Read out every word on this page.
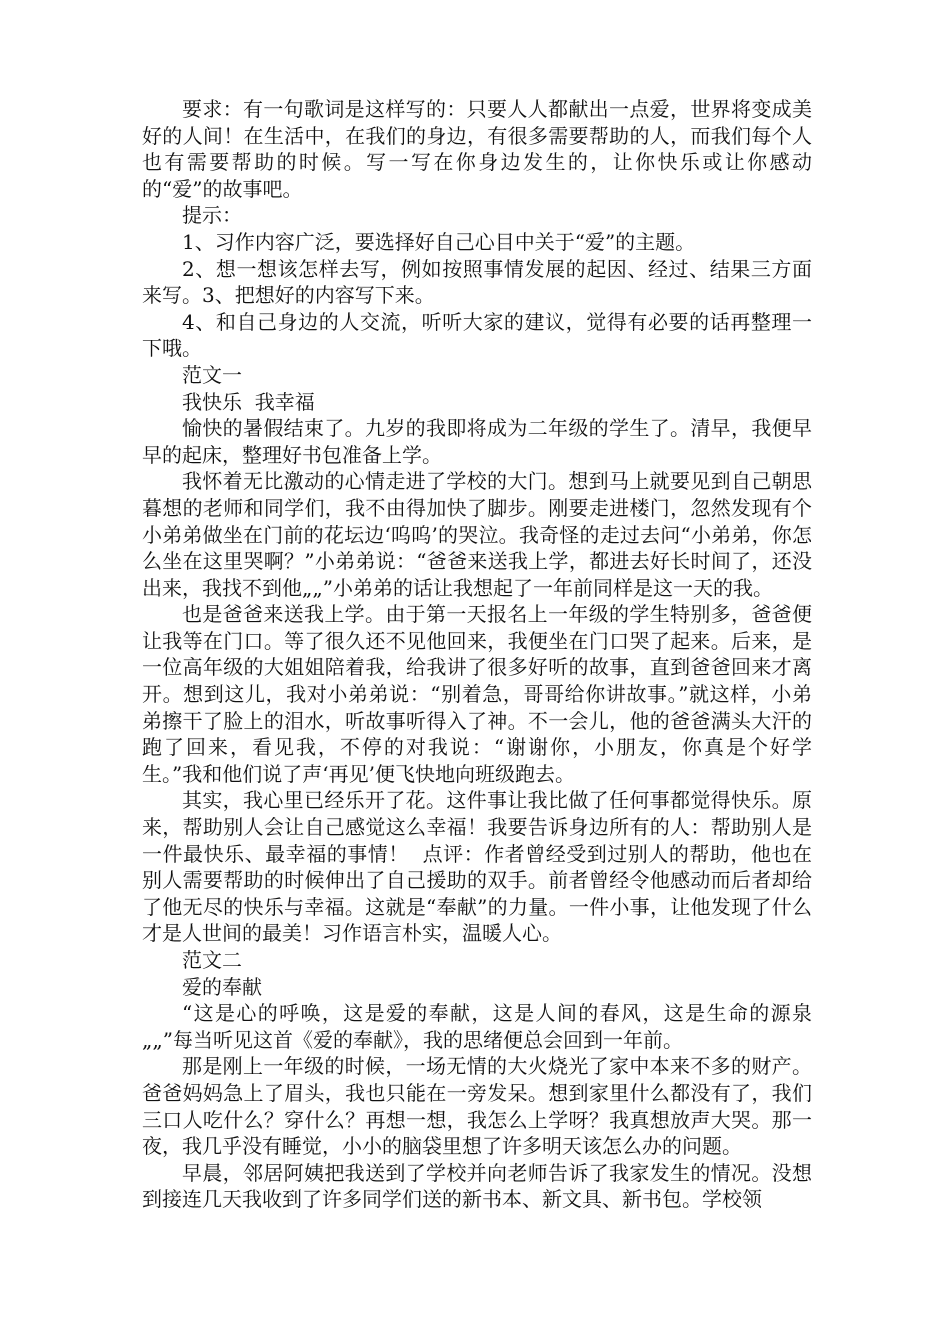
要求：有一句歌词是这样写的：只要人人都献出一点爱，世界将变成美好的人间！在生活中，在我们的身边，有很多需要帮助的人，而我们每个人也有需要帮助的时候。写一写在你身边发生的，让你快乐或让你感动的“爱”的故事吧。

提示：

1、习作内容广泛，要选择好自己心目中关于“爱”的主题。

2、想一想该怎样去写，例如按照事情发展的起因、经过、结果三方面来写。3、把想好的内容写下来。

4、和自己身边的人交流，听听大家的建议，觉得有必要的话再整理一下哦。

范文一

我快乐  我幸福

愉快的暑假结束了。九岁的我即将成为二年级的学生了。清早，我便早早的起床，整理好书包准备上学。

我怀着无比激动的心情走进了学校的大门。想到马上就要见到自己朝思暮想的老师和同学们，我不由得加快了脚步。刚要走进楼门，忽然发现有个小弟弟做坐在门前的花坛边‘呜呜’的哭泣。我奇怪的走过去问“小弟弟，你怎么坐在这里哭啊？”小弟弟说：“爸爸来送我上学，都进去好长时间了，还没出来，我找不到他„„”小弟弟的话让我想起了一年前同样是这一天的我。

也是爸爸来送我上学。由于第一天报名上一年级的学生特别多，爸爸便让我等在门口。等了很久还不见他回来，我便坐在门口哭了起来。后来，是一位高年级的大姐姐陪着我，给我讲了很多好听的故事，直到爸爸回来才离开。想到这儿，我对小弟弟说：“别着急，哥哥给你讲故事。”就这样，小弟弟擦干了脸上的泪水，听故事听得入了神。不一会儿，他的爸爸满头大汗的跑了回来，看见我，不停的对我说：“谢谢你，小朋友，你真是个好学生。”我和他们说了声‘再见’便飞快地向班级跑去。

其实，我心里已经乐开了花。这件事让我比做了任何事都觉得快乐。原来，帮助别人会让自己感觉这么幸福！我要告诉身边所有的人：帮助别人是一件最快乐、最幸福的事情！  点评：作者曾经受到过别人的帮助，他也在别人需要帮助的时候伸出了自己援助的双手。前者曾经令他感动而后者却给了他无尽的快乐与幸福。这就是“奉献”的力量。一件小事，让他发现了什么才是人世间的最美！习作语言朴实，温暖人心。

范文二

爱的奉献

“这是心的呼唤，这是爱的奉献，这是人间的春风，这是生命的源泉„„”每当听见这首《爱的奉献》，我的思绪便总会回到一年前。

那是刚上一年级的时候，一场无情的大火烧光了家中本来不多的财产。爸爸妈妈急上了眉头，我也只能在一旁发呆。想到家里什么都没有了，我们三口人吃什么？穿什么？再想一想，我怎么上学呀？我真想放声大哭。那一夜，我几乎没有睡觉，小小的脑袋里想了许多明天该怎么办的问题。

早晨，邻居阿姨把我送到了学校并向老师告诉了我家发生的情况。没想到接连几天我收到了许多同学们送的新书本、新文具、新书包。学校领
